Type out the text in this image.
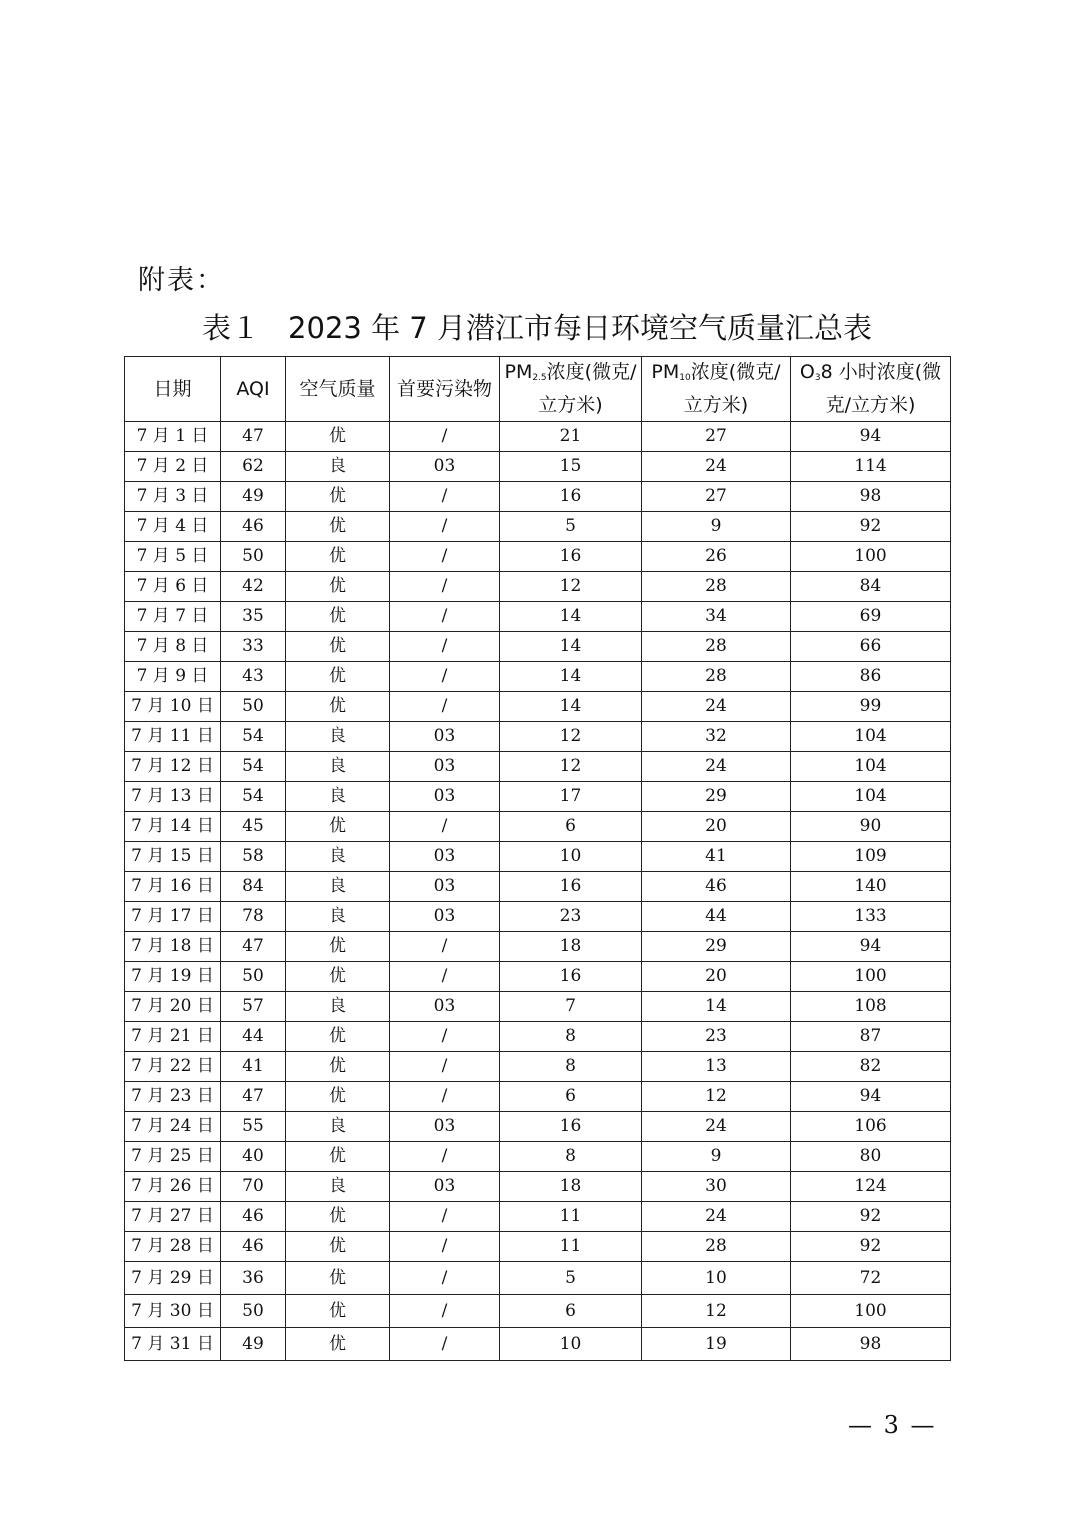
附表：
表１ 2023 年 7 月潜江市每日环境空气质量汇总表
日期	AQI	空气质量	首要污染物	$PM_{2.5}$浓度(微克/立方米)	$PM_{10}$浓度(微克/立方米)	$O_38$ 小时浓度(微克/立方米)
7 月 1 日	47	优	/	21	27	94
7 月 2 日	62	良	03	15	24	114
7 月 3 日	49	优	/	16	27	98
7 月 4 日	46	优	/	5	9	92
7 月 5 日	50	优	/	16	26	100
7 月 6 日	42	优	/	12	28	84
7 月 7 日	35	优	/	14	34	69
7 月 8 日	33	优	/	14	28	66
7 月 9 日	43	优	/	14	28	86
7 月 10 日	50	优	/	14	24	99
7 月 11 日	54	良	03	12	32	104
7 月 12 日	54	良	03	12	24	104
7 月 13 日	54	良	03	17	29	104
7 月 14 日	45	优	/	6	20	90
7 月 15 日	58	良	03	10	41	109
7 月 16 日	84	良	03	16	46	140
7 月 17 日	78	良	03	23	44	133
7 月 18 日	47	优	/	18	29	94
7 月 19 日	50	优	/	16	20	100
7 月 20 日	57	良	03	7	14	108
7 月 21 日	44	优	/	8	23	87
7 月 22 日	41	优	/	8	13	82
7 月 23 日	47	优	/	6	12	94
7 月 24 日	55	良	03	16	24	106
7 月 25 日	40	优	/	8	9	80
7 月 26 日	70	良	03	18	30	124
7 月 27 日	46	优	/	11	24	92
7 月 28 日	46	优	/	11	28	92
7 月 29 日	36	优	/	5	10	72
7 月 30 日	50	优	/	6	12	100
7 月 31 日	49	优	/	10	19	98
— 3 —
